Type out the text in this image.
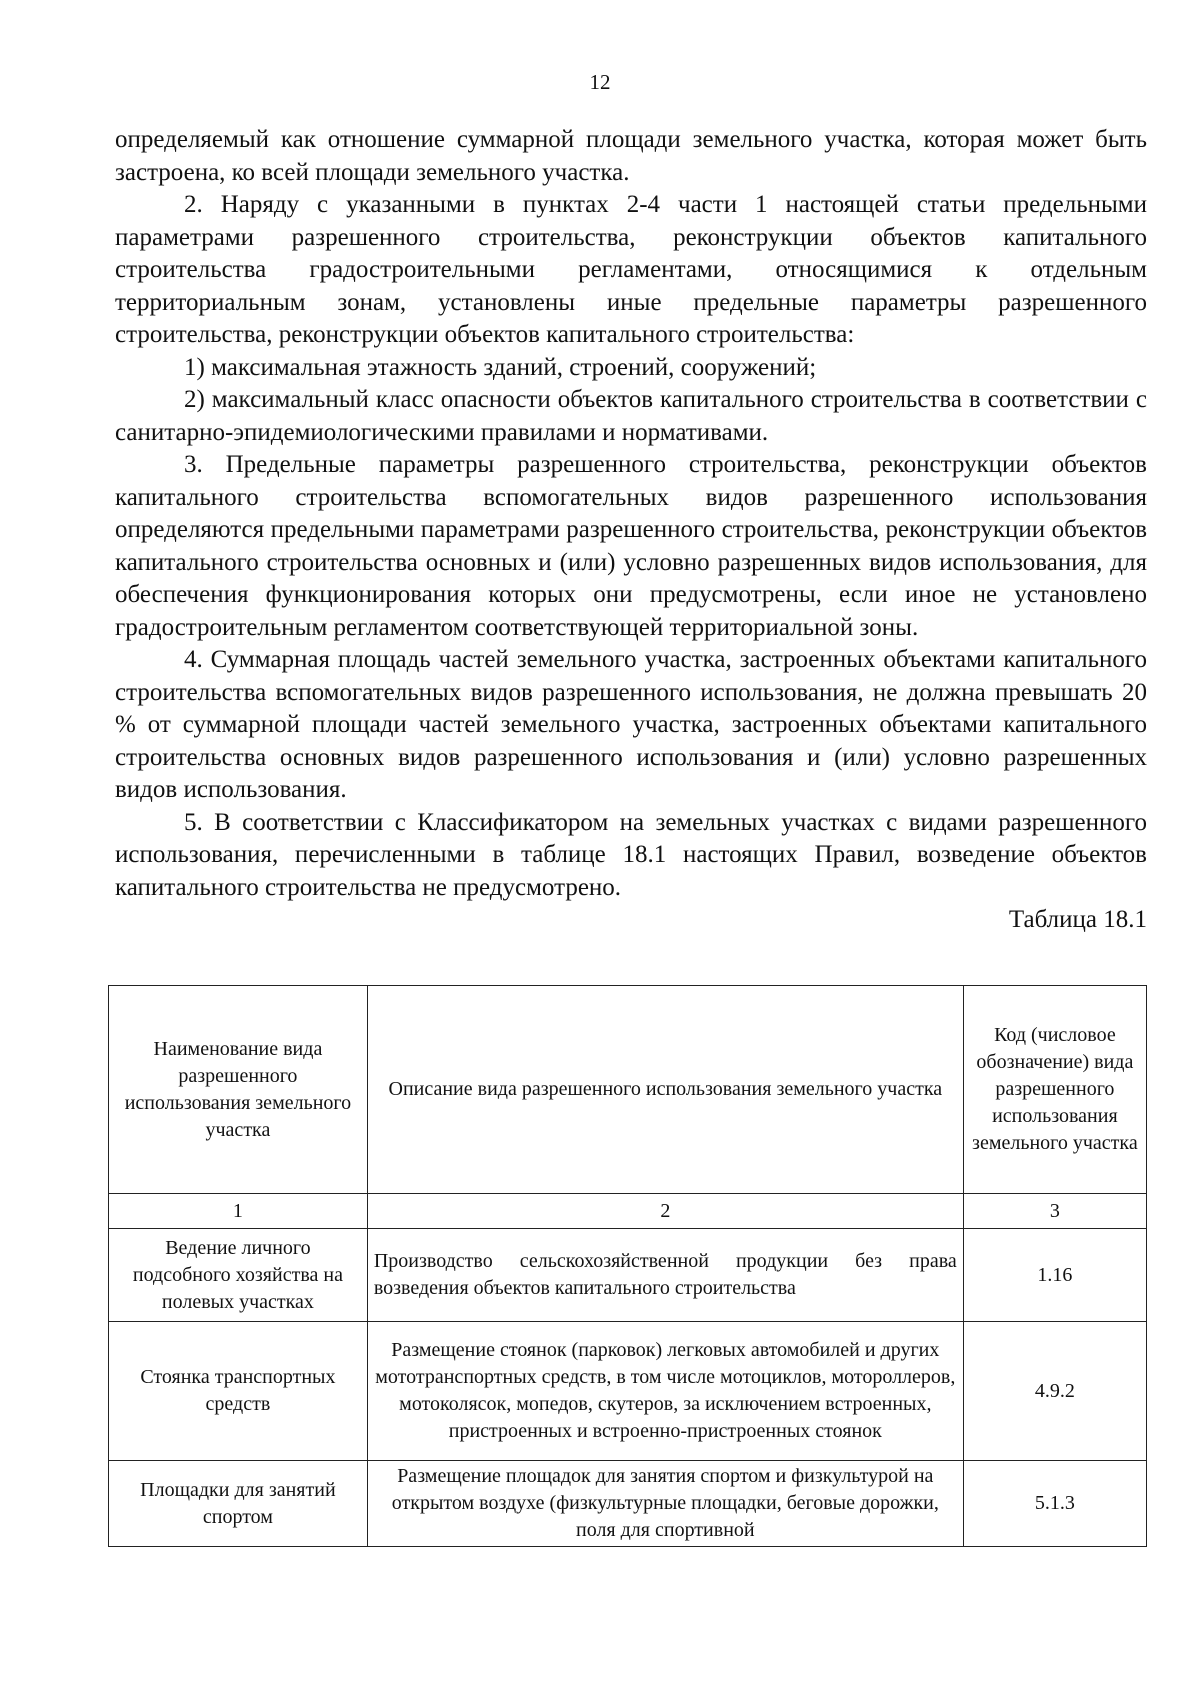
12

определяемый как отношение суммарной площади земельного участка, которая может быть застроена, ко всей площади земельного участка.

2. Наряду с указанными в пунктах 2-4 части 1 настоящей статьи предельными параметрами разрешенного строительства, реконструкции объектов капитального строительства градостроительными регламентами, относящимися к отдельным территориальным зонам, установлены иные предельные параметры разрешенного строительства, реконструкции объектов капитального строительства:

1) максимальная этажность зданий, строений, сооружений;

2) максимальный класс опасности объектов капитального строительства в соответствии с санитарно-эпидемиологическими правилами и нормативами.

3. Предельные параметры разрешенного строительства, реконструкции объектов капитального строительства вспомогательных видов разрешенного использования определяются предельными параметрами разрешенного строительства, реконструкции объектов капитального строительства основных и (или) условно разрешенных видов использования, для обеспечения функционирования которых они предусмотрены, если иное не установлено градостроительным регламентом соответствующей территориальной зоны.

4. Суммарная площадь частей земельного участка, застроенных объектами капитального строительства вспомогательных видов разрешенного использования, не должна превышать 20 % от суммарной площади частей земельного участка, застроенных объектами капитального строительства основных видов разрешенного использования и (или) условно разрешенных видов использования.

5. В соответствии с Классификатором на земельных участках с видами разрешенного использования, перечисленными в таблице 18.1 настоящих Правил, возведение объектов капитального строительства не предусмотрено.

Таблица 18.1

Наименование вида разрешенного использования земельного участка	Описание вида разрешенного использования земельного участка	Код (числовое обозначение) вида разрешенного использования земельного участка
1	2	3
Ведение личного подсобного хозяйства на полевых участках	Производство сельскохозяйственной продукции без права возведения объектов капитального строительства	1.16
Стоянка транспортных средств	Размещение стоянок (парковок) легковых автомобилей и других мототранспортных средств, в том числе мотоциклов, мотороллеров, мотоколясок, мопедов, скутеров, за исключением встроенных, пристроенных и встроенно-пристроенных стоянок	4.9.2
Площадки для занятий спортом	Размещение площадок для занятия спортом и физкультурой на открытом воздухе (физкультурные площадки, беговые дорожки, поля для спортивной	5.1.3
